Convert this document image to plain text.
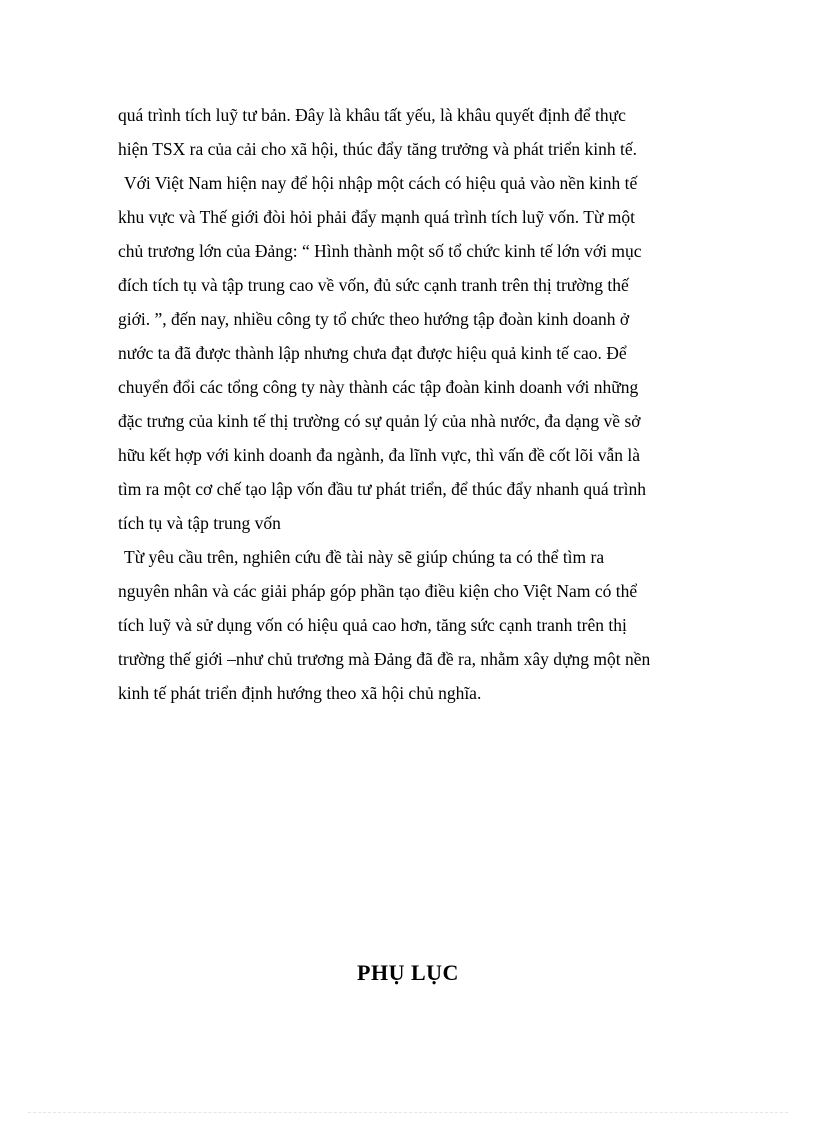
quá trình tích luỹ tư bản. Đây là khâu tất yếu, là khâu quyết định để thực
hiện TSX ra của cải cho xã hội, thúc đẩy tăng trưởng và phát triển kinh tế.
Với Việt Nam hiện nay để hội nhập một cách có hiệu quả vào nền kinh tế
khu vực và Thế giới đòi hỏi phải đẩy mạnh quá trình tích luỹ vốn. Từ một
chủ trương lớn của Đảng: “ Hình thành một số tổ chức kinh tế lớn với mục
đích tích tụ và tập trung cao về vốn, đủ sức cạnh tranh trên thị trường thế
giới. ”, đến nay, nhiều công ty tổ chức theo hướng tập đoàn kinh doanh ở
nước ta đã được thành lập nhưng chưa đạt được hiệu quả kinh tế cao. Để
chuyển đổi các tổng công ty này thành các tập đoàn kinh doanh với những
đặc trưng của kinh tế thị trường có sự quản lý của nhà nước, đa dạng về sở
hữu kết hợp với kinh doanh đa ngành, đa lĩnh vực, thì vấn đề cốt lõi vẫn là
tìm ra một cơ chế tạo lập vốn đầu tư phát triển, để thúc đẩy nhanh quá trình
tích tụ và tập trung vốn
Từ yêu cầu trên, nghiên cứu đề tài này sẽ giúp chúng ta có thể tìm ra
nguyên nhân và các giải pháp góp phần tạo điều kiện cho Việt Nam có thể
tích luỹ và sử dụng vốn có hiệu quả cao hơn, tăng sức cạnh tranh trên thị
trường thế giới –như chủ trương mà Đảng đã đề ra, nhằm xây dựng một nền
kinh tế phát triển định hướng theo xã hội chủ nghĩa.
PHỤ LỤC
